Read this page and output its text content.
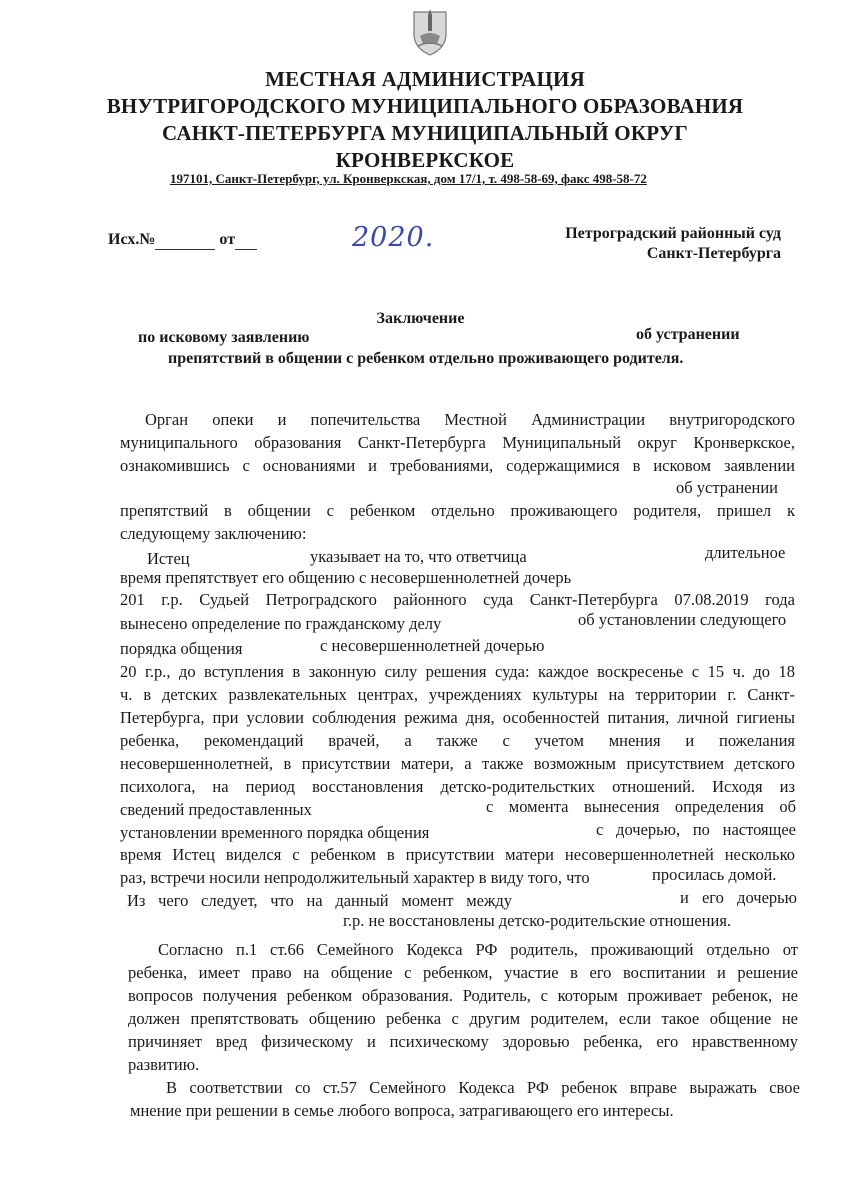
МЕСТНАЯ АДМИНИСТРАЦИЯ
ВНУТРИГОРОДСКОГО МУНИЦИПАЛЬНОГО ОБРАЗОВАНИЯ
САНКТ-ПЕТЕРБУРГА МУНИЦИПАЛЬНЫЙ ОКРУГ
КРОНВЕРКСКОЕ
197101, Санкт-Петербург, ул. Кронверкская, дом 17/1, т. 498-58-69, факс 498-58-72
Исх.№	от	2020.	Петроградский районный суд
Санкт-Петербурга
Заключение
по исковому заявлению	об устранении
препятствий в общении с ребенком отдельно проживающего родителя.
Орган опеки и попечительства Местной Администрации внутригородского
муниципального образования Санкт-Петербурга Муниципальный округ Кронверкское,
ознакомившись с основаниями и требованиями, содержащимися в исковом заявлении
об устранении
препятствий в общении с ребенком отдельно проживающего родителя, пришел к
следующему заключению:
Истец	указывает на то, что ответчица	длительное
время препятствует его общению с несовершеннолетней дочерь
201 г.р. Судьей Петроградского районного суда Санкт-Петербурга 07.08.2019 года
вынесено определение по гражданскому делу	об установлении следующего
порядка общения	с несовершеннолетней дочерью
20 г.р., до вступления в законную силу решения суда: каждое воскресенье с 15 ч. до 18
ч. в детских развлекательных центрах, учреждениях культуры на территории г. Санкт-
Петербурга, при условии соблюдения режима дня, особенностей питания, личной гигиены
ребенка, рекомендаций врачей, а также с учетом мнения и пожелания
несовершеннолетней, в присутствии матери, а также возможным присутствием детского
психолога, на период восстановления детско-родительстких отношений. Исходя из
сведений предоставленных	с момента вынесения определения об
установлении временного порядка общения	с дочерью, по настоящее
время Истец виделся с ребенком в присутствии матери несовершеннолетней несколько
раз, встречи носили непродолжительный характер в виду того, что	просилась домой.
Из чего следует, что на данный момент между	и его дочерью
г.р. не восстановлены детско-родительские отношения.
Согласно п.1 ст.66 Семейного Кодекса РФ родитель, проживающий отдельно от
ребенка, имеет право на общение с ребенком, участие в его воспитании и решение
вопросов получения ребенком образования. Родитель, с которым проживает ребенок, не
должен препятствовать общению ребенка с другим родителем, если такое общение не
причиняет вред физическому и психическому здоровью ребенка, его нравственному
развитию.
В соответствии со ст.57 Семейного Кодекса РФ ребенок вправе выражать свое
мнение при решении в семье любого вопроса, затрагивающего его интересы.
